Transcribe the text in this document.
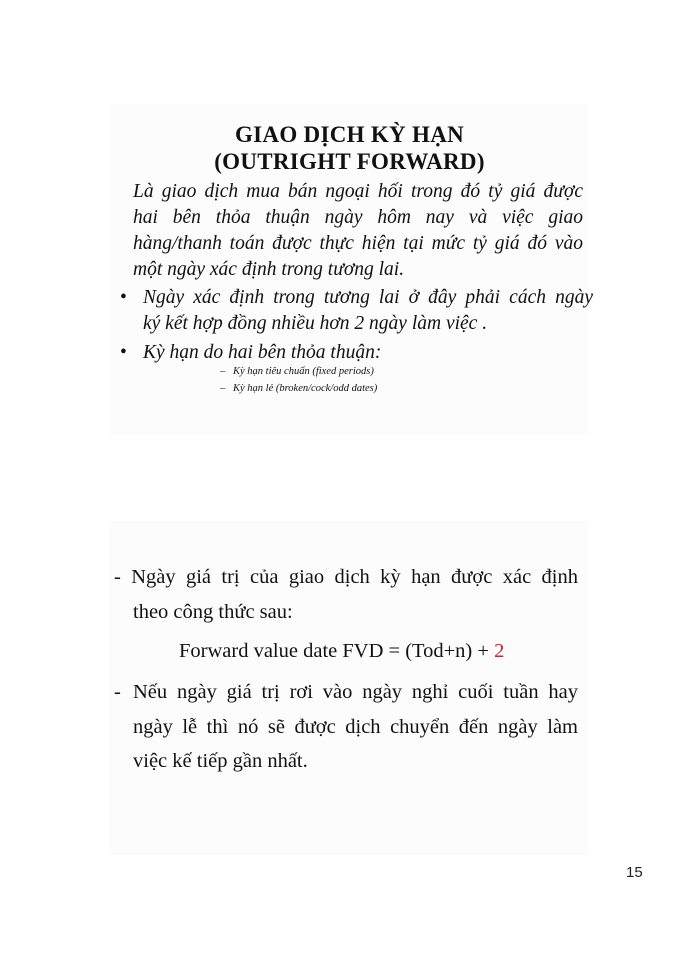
GIAO DỊCH KỲ HẠN
(OUTRIGHT FORWARD)
Là giao dịch mua bán ngoại hối trong đó tỷ giá được
hai bên thỏa thuận ngày hôm nay và việc giao
hàng/thanh toán được thực hiện tại mức tỷ giá đó vào
một ngày xác định trong tương lai.
• Ngày xác định trong tương lai ở đây phải cách ngày
ký kết hợp đồng nhiều hơn 2 ngày làm việc .
• Kỳ hạn do hai bên thỏa thuận:
– Kỳ hạn tiêu chuẩn (fixed periods)
– Kỳ hạn lẻ (broken/cock/odd dates)
- Ngày giá trị của giao dịch kỳ hạn được xác định
theo công thức sau:
Forward value date FVD = (Tod+n) + 2
- Nếu ngày giá trị rơi vào ngày nghỉ cuối tuần hay
ngày lễ thì nó sẽ được dịch chuyển đến ngày làm
việc kế tiếp gần nhất.
15
